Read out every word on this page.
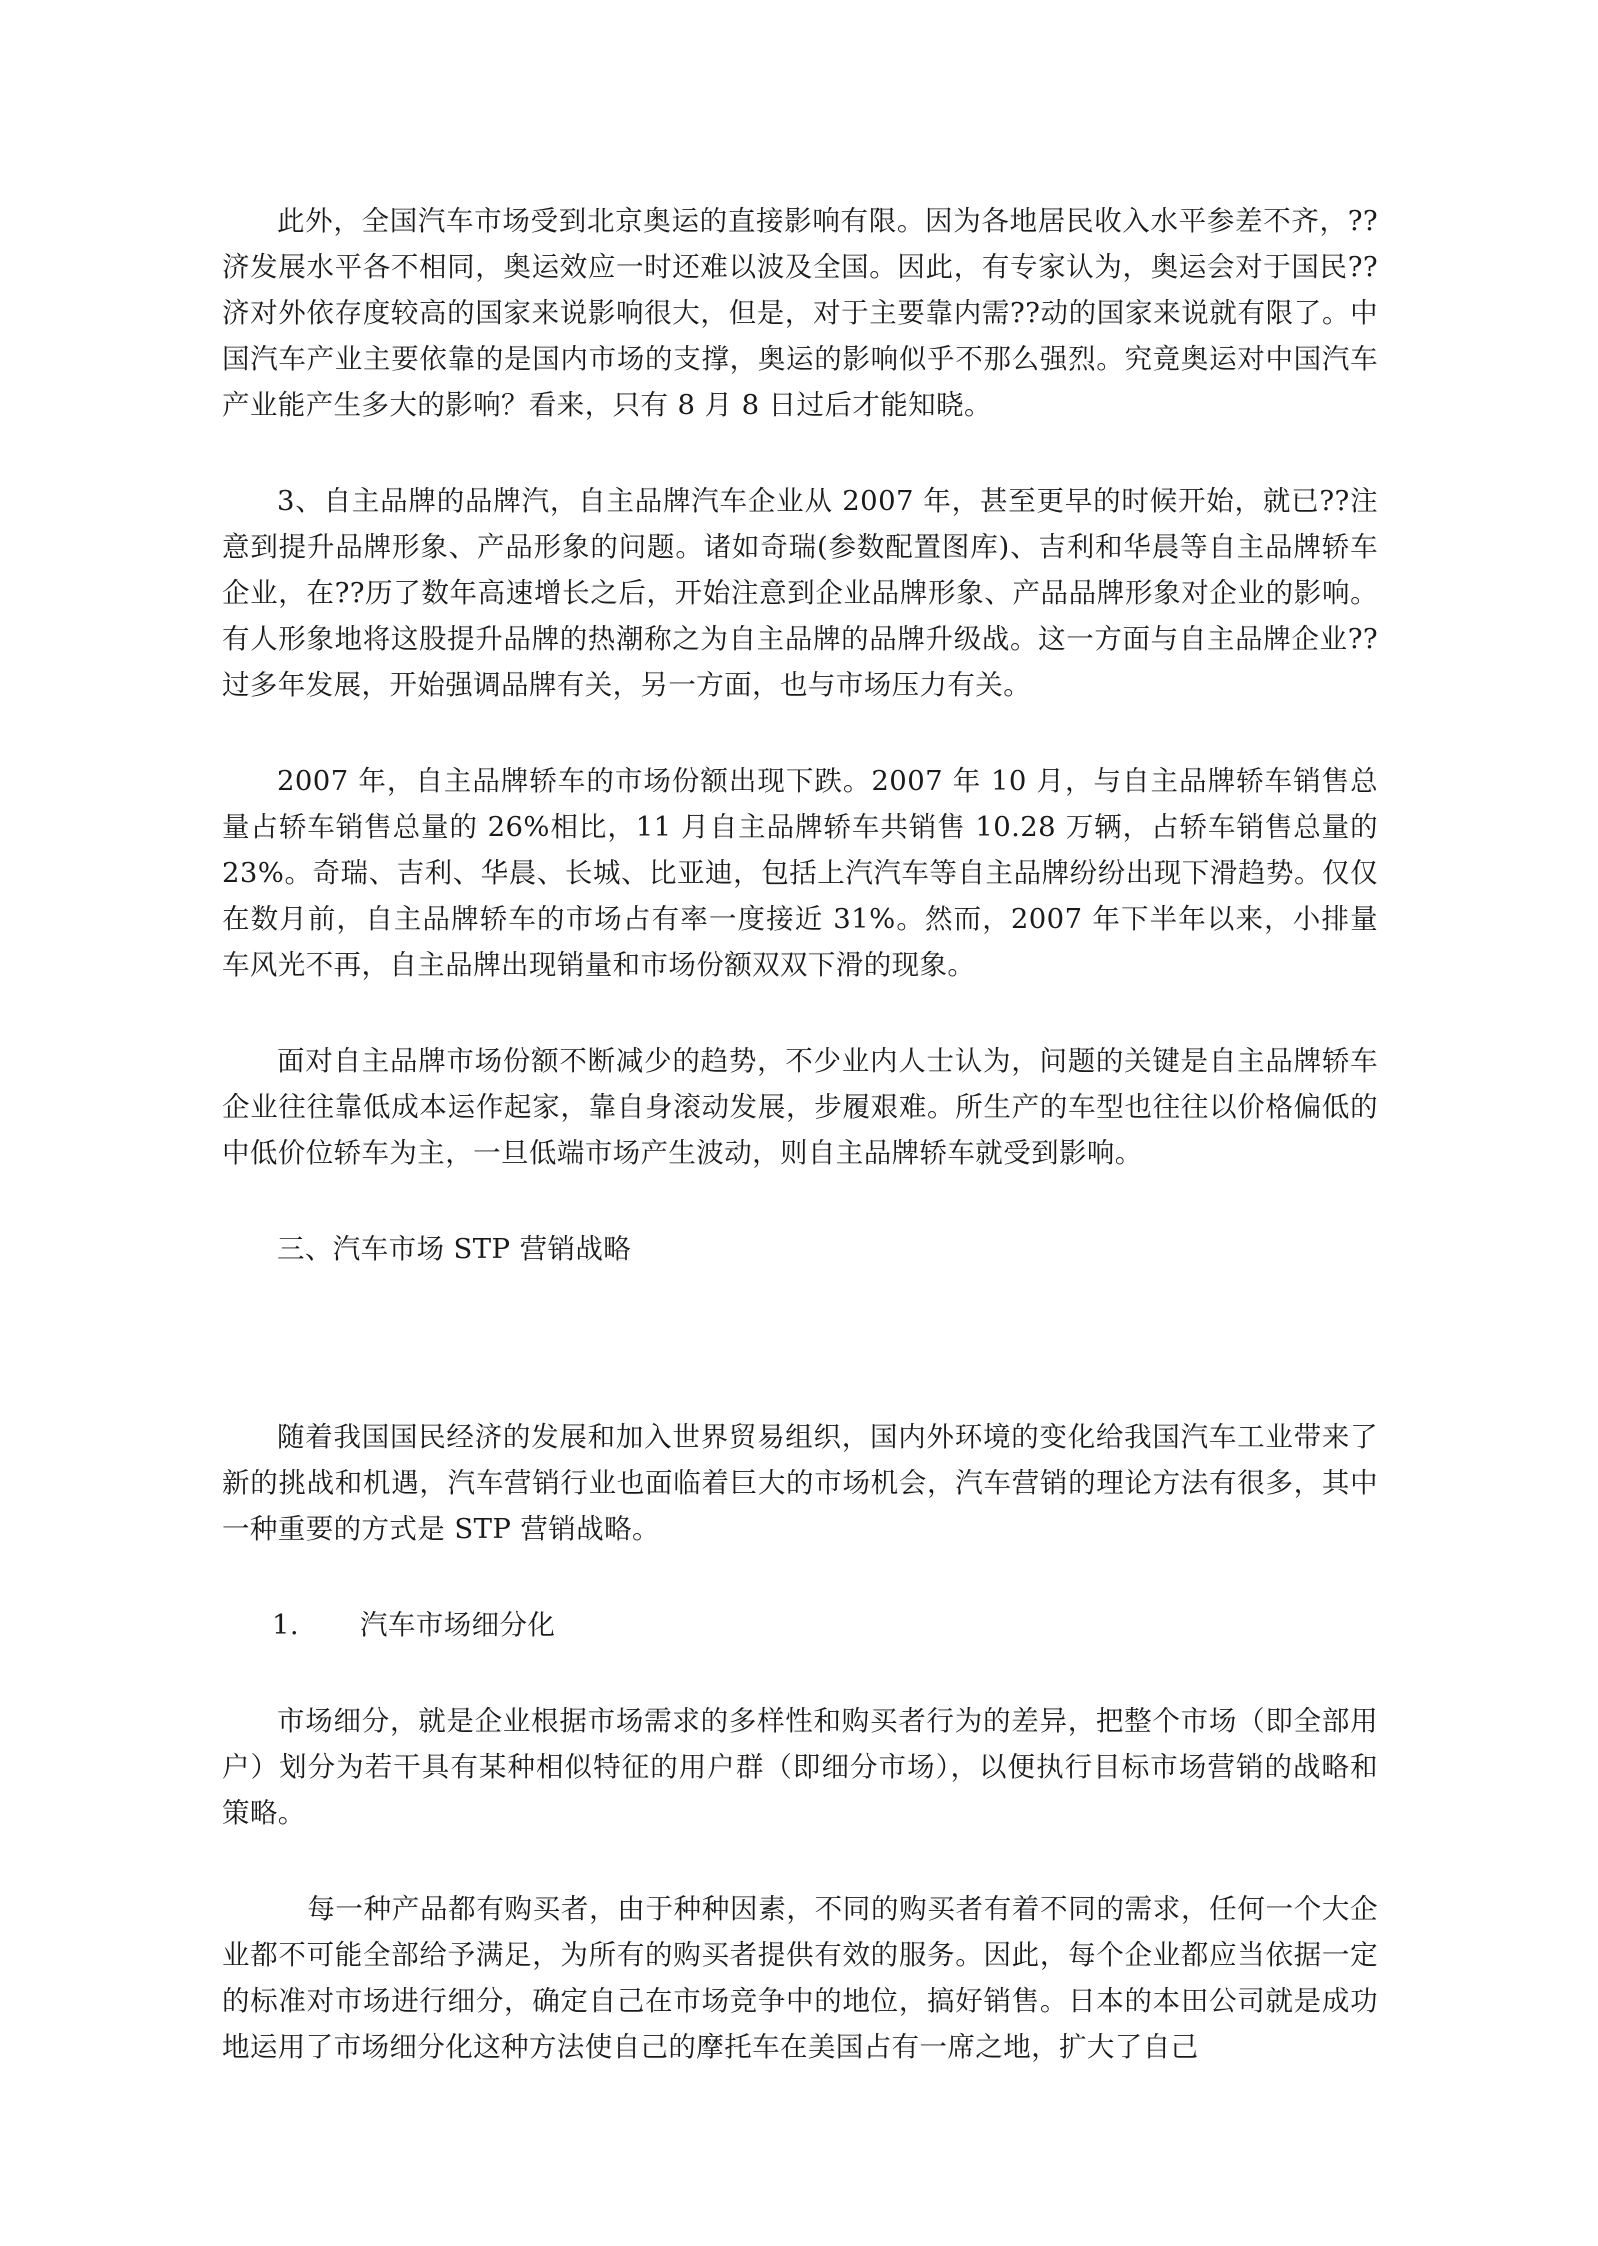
此外，全国汽车市场受到北京奥运的直接影响有限。因为各地居民收入水平参差不齐，??济发展水平各不相同，奥运效应一时还难以波及全国。因此，有专家认为，奥运会对于国民??济对外依存度较高的国家来说影响很大，但是，对于主要靠内需??动的国家来说就有限了。中国汽车产业主要依靠的是国内市场的支撑，奥运的影响似乎不那么强烈。究竟奥运对中国汽车产业能产生多大的影响？看来，只有 8 月 8 日过后才能知晓。

3、自主品牌的品牌汽，自主品牌汽车企业从 2007 年，甚至更早的时候开始，就已??注意到提升品牌形象、产品形象的问题。诸如奇瑞(参数配置图库)、吉利和华晨等自主品牌轿车企业，在??历了数年高速增长之后，开始注意到企业品牌形象、产品品牌形象对企业的影响。有人形象地将这股提升品牌的热潮称之为自主品牌的品牌升级战。这一方面与自主品牌企业??过多年发展，开始强调品牌有关，另一方面，也与市场压力有关。

2007 年，自主品牌轿车的市场份额出现下跌。2007 年 10 月，与自主品牌轿车销售总量占轿车销售总量的 26%相比，11 月自主品牌轿车共销售 10.28 万辆，占轿车销售总量的 23%。奇瑞、吉利、华晨、长城、比亚迪，包括上汽汽车等自主品牌纷纷出现下滑趋势。仅仅在数月前，自主品牌轿车的市场占有率一度接近 31%。然而，2007 年下半年以来，小排量车风光不再，自主品牌出现销量和市场份额双双下滑的现象。

面对自主品牌市场份额不断减少的趋势，不少业内人士认为，问题的关键是自主品牌轿车企业往往靠低成本运作起家，靠自身滚动发展，步履艰难。所生产的车型也往往以价格偏低的中低价位轿车为主，一旦低端市场产生波动，则自主品牌轿车就受到影响。

三、汽车市场 STP 营销战略

随着我国国民经济的发展和加入世界贸易组织，国内外环境的变化给我国汽车工业带来了新的挑战和机遇，汽车营销行业也面临着巨大的市场机会，汽车营销的理论方法有很多，其中一种重要的方式是 STP 营销战略。

1. 汽车市场细分化

市场细分，就是企业根据市场需求的多样性和购买者行为的差异，把整个市场（即全部用户）划分为若干具有某种相似特征的用户群（即细分市场），以便执行目标市场营销的战略和策略。

每一种产品都有购买者，由于种种因素，不同的购买者有着不同的需求，任何一个大企业都不可能全部给予满足，为所有的购买者提供有效的服务。因此，每个企业都应当依据一定的标准对市场进行细分，确定自己在市场竞争中的地位，搞好销售。日本的本田公司就是成功地运用了市场细分化这种方法使自己的摩托车在美国占有一席之地，扩大了自己
